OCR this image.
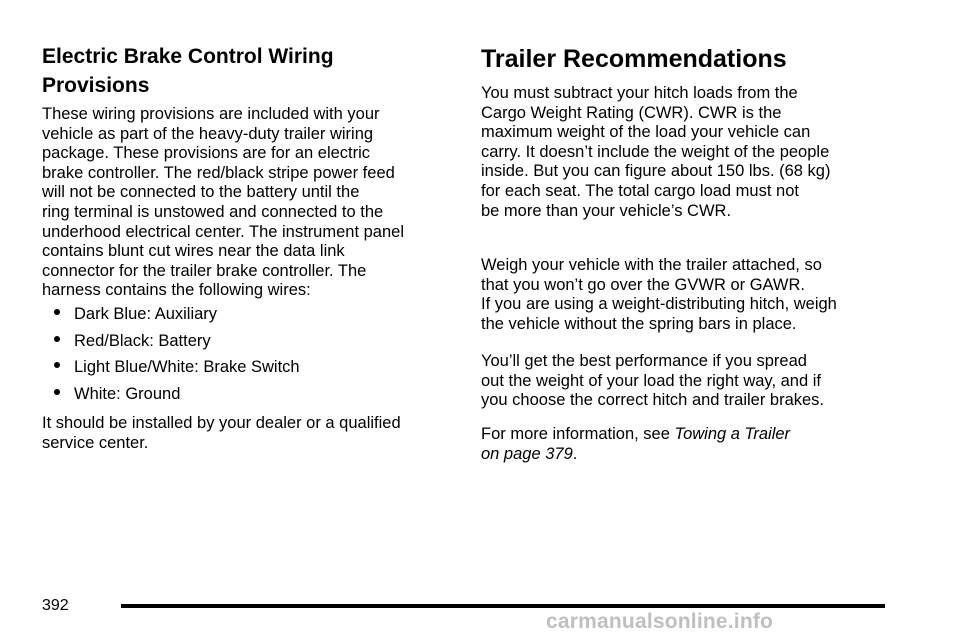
Electric Brake Control Wiring
Provisions

These wiring provisions are included with your
vehicle as part of the heavy-duty trailer wiring
package. These provisions are for an electric
brake controller. The red/black stripe power feed
will not be connected to the battery until the
ring terminal is unstowed and connected to the
underhood electrical center. The instrument panel
contains blunt cut wires near the data link
connector for the trailer brake controller. The
harness contains the following wires:

Dark Blue: Auxiliary
Red/Black: Battery
Light Blue/White: Brake Switch
White: Ground

It should be installed by your dealer or a qualified
service center.

Trailer Recommendations

You must subtract your hitch loads from the
Cargo Weight Rating (CWR). CWR is the
maximum weight of the load your vehicle can
carry. It doesn’t include the weight of the people
inside. But you can figure about 150 lbs. (68 kg)
for each seat. The total cargo load must not
be more than your vehicle’s CWR.

Weigh your vehicle with the trailer attached, so
that you won’t go over the GVWR or GAWR.
If you are using a weight-distributing hitch, weigh
the vehicle without the spring bars in place.

You’ll get the best performance if you spread
out the weight of your load the right way, and if
you choose the correct hitch and trailer brakes.

For more information, see Towing a Trailer
on page 379.

392
carmanualsonline.info
